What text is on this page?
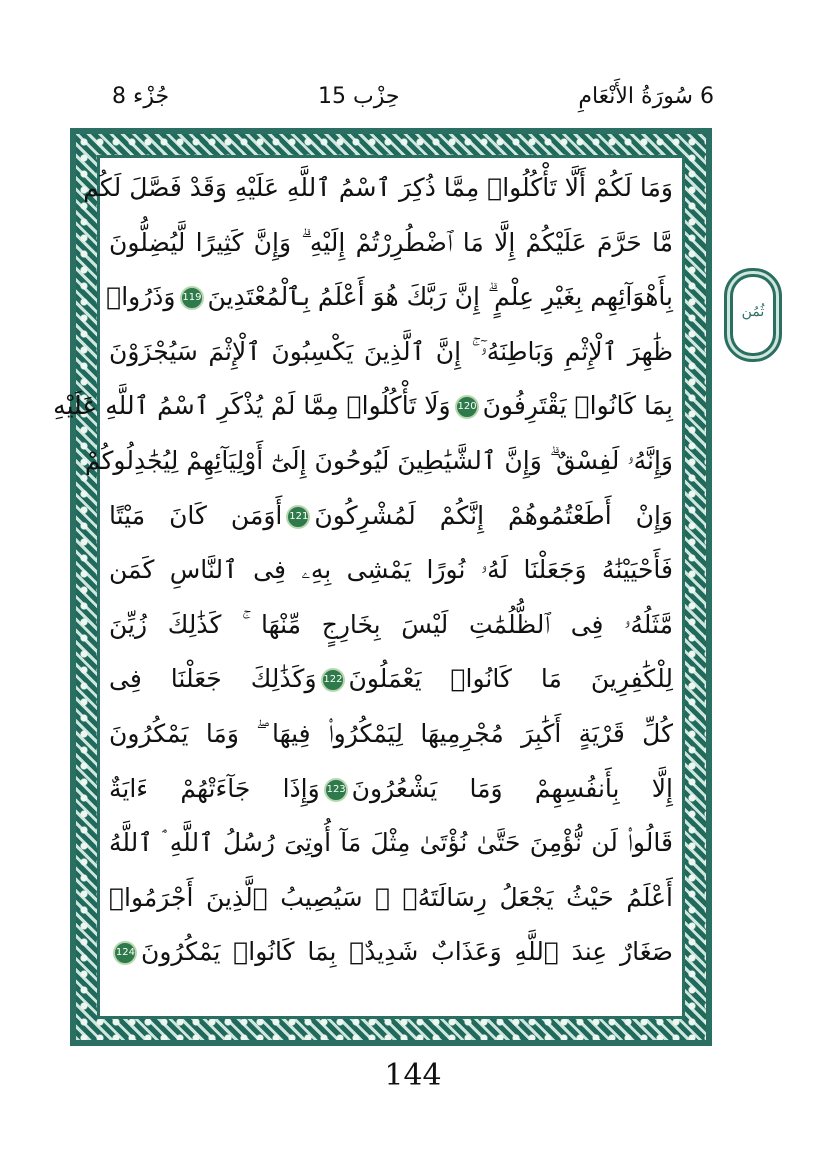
8 جُزْء	15 حِزْب	6 سُورَةُ الأَنْعَامِ
وَمَا لَكُمْ أَلَّا تَأْكُلُوا۟ مِمَّا ذُكِرَ ٱسْمُ ٱللَّهِ عَلَيْهِ وَقَدْ فَصَّلَ لَكُم
مَّا حَرَّمَ عَلَيْكُمْ إِلَّا مَا ٱضْطُرِرْتُمْ إِلَيْهِ ۗ وَإِنَّ كَثِيرًا لَّيُضِلُّونَ
بِأَهْوَآئِهِم بِغَيْرِ عِلْمٍ ۗ إِنَّ رَبَّكَ هُوَ أَعْلَمُ بِٱلْمُعْتَدِينَ119وَذَرُوا۟
ظَٰهِرَ ٱلْإِثْمِ وَبَاطِنَهُۥٓ ۚ إِنَّ ٱلَّذِينَ يَكْسِبُونَ ٱلْإِثْمَ سَيُجْزَوْنَ
بِمَا كَانُوا۟ يَقْتَرِفُونَ120وَلَا تَأْكُلُوا۟ مِمَّا لَمْ يُذْكَرِ ٱسْمُ ٱللَّهِ عَلَيْهِ
وَإِنَّهُۥ لَفِسْقٌ ۗ وَإِنَّ ٱلشَّيَٰطِينَ لَيُوحُونَ إِلَىٰٓ أَوْلِيَآئِهِمْ لِيُجَٰدِلُوكُمْ
وَإِنْ أَطَعْتُمُوهُمْ إِنَّكُمْ لَمُشْرِكُونَ121أَوَمَن كَانَ مَيْتًا
فَأَحْيَيْنَٰهُ وَجَعَلْنَا لَهُۥ نُورًا يَمْشِى بِهِۦ فِى ٱلنَّاسِ كَمَن
مَّثَلُهُۥ فِى ٱلظُّلُمَٰتِ لَيْسَ بِخَارِجٍ مِّنْهَا ۚ كَذَٰلِكَ زُيِّنَ
لِلْكَٰفِرِينَ مَا كَانُوا۟ يَعْمَلُونَ122وَكَذَٰلِكَ جَعَلْنَا فِى
كُلِّ قَرْيَةٍ أَكَٰبِرَ مُجْرِمِيهَا لِيَمْكُرُوا۟ فِيهَا ۖ وَمَا يَمْكُرُونَ
إِلَّا بِأَنفُسِهِمْ وَمَا يَشْعُرُونَ123وَإِذَا جَآءَتْهُمْ ءَايَةٌ
قَالُوا۟ لَن نُّؤْمِنَ حَتَّىٰ نُؤْتَىٰ مِثْلَ مَآ أُوتِىَ رُسُلُ ٱللَّهِ ۘ ٱللَّهُ
أَعْلَمُ حَيْثُ يَجْعَلُ رِسَالَتَهُۥ ۗ سَيُصِيبُ ٱلَّذِينَ أَجْرَمُوا۟
صَغَارٌ عِندَ ٱللَّهِ وَعَذَابٌ شَدِيدٌۢ بِمَا كَانُوا۟ يَمْكُرُونَ124
ثُمُن
144
